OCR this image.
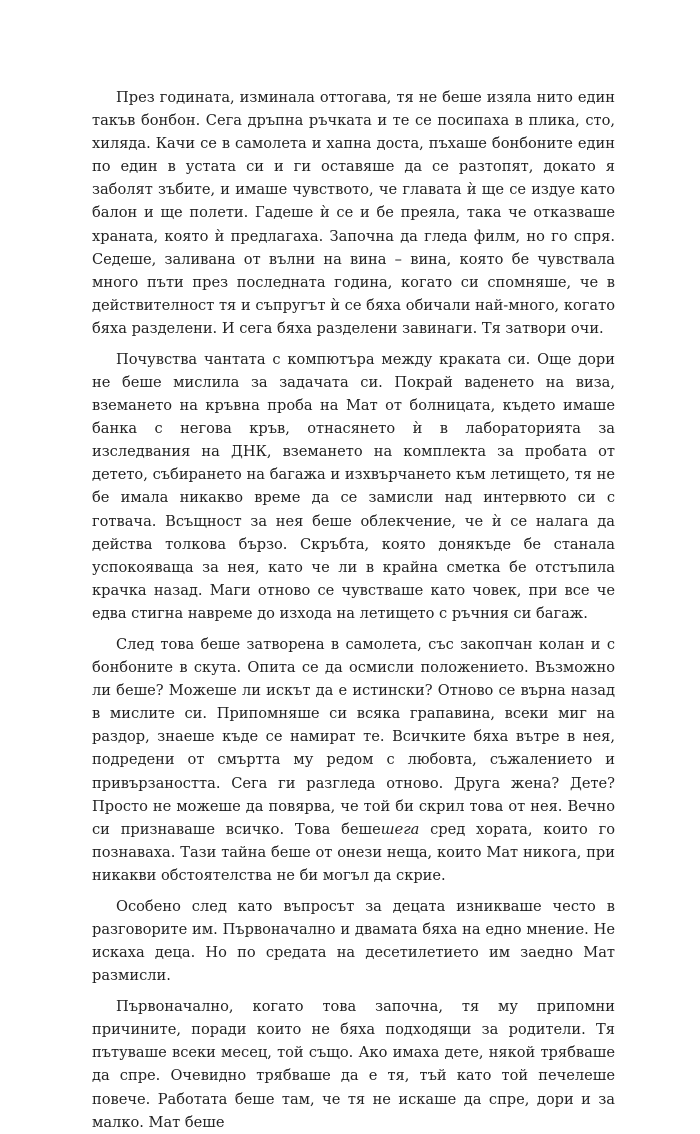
През годината, изминала оттогава, тя не беше изяла нито един такъв бонбон. Сега дръпна ръчката и те се посипаха в плика, сто, хиляда. Качи се в самолета и хапна доста, пъхаше бонбоните един по един в устата си и ги оставяше да се разтопят, докато я заболят зъбите, и имаше чувството, че главата ѝ ще се издуе като балон и ще полети. Гадеше ѝ се и бе преяла, така че отказваше храната, която ѝ предлагаха. Започна да гледа филм, но го спря. Седеше, заливана от вълни на вина – вина, която бе чувствала много пъти през последната година, когато си спомняше, че в действителност тя и съпругът ѝ се бяха обичали най-много, когато бяха разделени. И сега бяха разделени завинаги. Тя затвори очи.

Почувства чантата с компютъра между краката си. Още дори не беше мислила за задачата си. Покрай ваденето на виза, вземането на кръвна проба на Мат от болницата, където имаше банка с негова кръв, отнасянето ѝ в лабораторията за изследвания на ДНК, вземането на комплекта за пробата от детето, събирането на багажа и изхвърчането към летището, тя не бе имала никакво време да се замисли над интервюто си с готвача. Всъщност за нея беше облекчение, че ѝ се налага да действа толкова бързо. Скръбта, която донякъде бе станала успокояваща за нея, като че ли в крайна сметка бе отстъпила крачка назад. Маги отново се чувстваше като човек, при все че едва стигна навреме до изхода на летището с ръчния си багаж.

След това беше затворена в самолета, със закопчан колан и с бонбоните в скута. Опита се да осмисли положението. Възможно ли беше? Можеше ли искът да е истински? Отново се върна назад в мислите си. Припомняше си всяка грапавина, всеки миг на раздор, знаеше къде се намират те. Всичките бяха вътре в нея, подредени от смъртта му редом с любовта, съжалението и привързаността. Сега ги разгледа отново. Друга жена? Дете? Просто не можеше да повярва, че той би скрил това от нея. Вечно си признаваше всичко. Това бешешега сред хората, които го познаваха. Тази тайна беше от онези неща, които Мат никога, при никакви обстоятелства не би могъл да скрие.

Особено след като въпросът за децата изникваше често в разговорите им. Първоначално и двамата бяха на едно мнение. Не искаха деца. Но по средата на десетилетието им заедно Мат размисли.

Първоначално, когато това започна, тя му припомни причините, поради които не бяха подходящи за родители. Тя пътуваше всеки месец, той също. Ако имаха дете, някой трябваше да спре. Очевидно трябваше да е тя, тъй като той печелеше повече. Работата беше там, че тя не искаше да спре, дори и за малко. Мат беше
